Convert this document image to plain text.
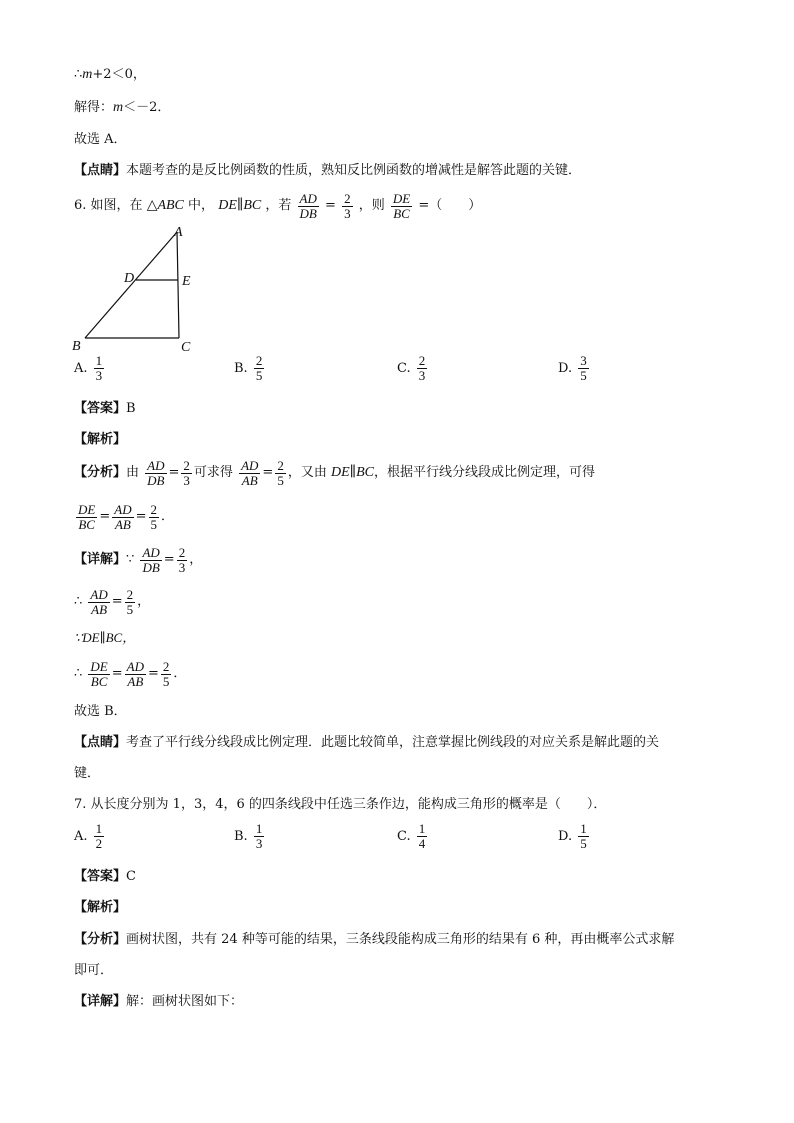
∴m+2＜0，
解得：m＜－2．
故选 A．
【点睛】本题考查的是反比例函数的性质，熟知反比例函数的增减性是解答此题的关键．
6. 如图，在 △ABC 中， DE∥BC ，若 $\frac{AD}{DB} = \frac{2}{3}$ ，则 $\frac{DE}{BC}$ =（　　）
A
D	E
B	C
A. $\frac{1}{3}$	B. $\frac{2}{5}$	C. $\frac{2}{3}$	D. $\frac{3}{5}$
【答案】B
【解析】
【分析】由 $\frac{AD}{DB} = \frac{2}{3}$ 可求得 $\frac{AD}{AB} = \frac{2}{5}$ ，又由 DE∥BC，根据平行线分线段成比例定理，可得
$\frac{DE}{BC} = \frac{AD}{AB} = \frac{2}{5}$ ．
【详解】∵ $\frac{AD}{DB} = \frac{2}{3}$ ，
∴ $\frac{AD}{AB} = \frac{2}{5}$ ，
∵DE∥BC，
∴ $\frac{DE}{BC} = \frac{AD}{AB} = \frac{2}{5}$ ．
故选 B．
【点睛】考查了平行线分线段成比例定理．此题比较简单，注意掌握比例线段的对应关系是解此题的关
键．
7. 从长度分别为 1，3，4，6 的四条线段中任选三条作边，能构成三角形的概率是（　　）．
A. $\frac{1}{2}$	B. $\frac{1}{3}$	C. $\frac{1}{4}$	D. $\frac{1}{5}$
【答案】C
【解析】
【分析】画树状图，共有 24 种等可能的结果，三条线段能构成三角形的结果有 6 种，再由概率公式求解
即可．
【详解】解：画树状图如下：
